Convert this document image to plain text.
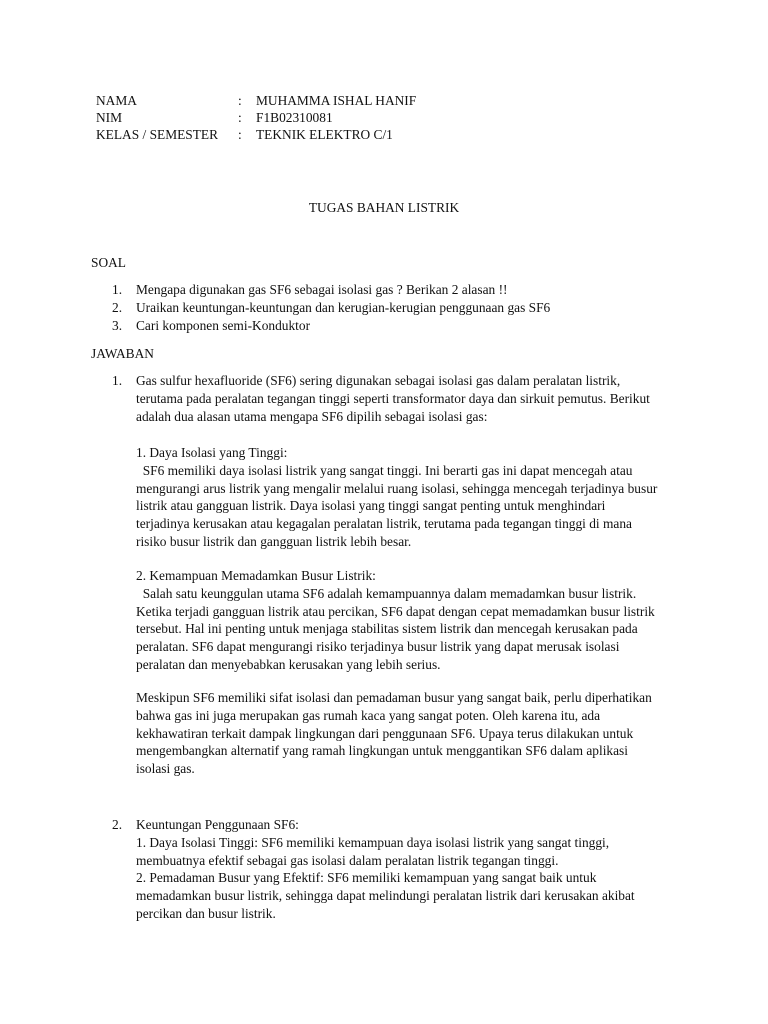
NAMA	: MUHAMMA ISHAL HANIF
NIM	: F1B02310081
KELAS / SEMESTER : TEKNIK ELEKTRO C/1
TUGAS BAHAN LISTRIK
SOAL
1. Mengapa digunakan gas SF6 sebagai isolasi gas ? Berikan 2 alasan !!
2. Uraikan keuntungan-keuntungan dan kerugian-kerugian penggunaan gas SF6
3. Cari komponen semi-Konduktor
JAWABAN
1. Gas sulfur hexafluoride (SF6) sering digunakan sebagai isolasi gas dalam peralatan listrik,
terutama pada peralatan tegangan tinggi seperti transformator daya dan sirkuit pemutus. Berikut
adalah dua alasan utama mengapa SF6 dipilih sebagai isolasi gas:
1. Daya Isolasi yang Tinggi:
SF6 memiliki daya isolasi listrik yang sangat tinggi. Ini berarti gas ini dapat mencegah atau
mengurangi arus listrik yang mengalir melalui ruang isolasi, sehingga mencegah terjadinya busur
listrik atau gangguan listrik. Daya isolasi yang tinggi sangat penting untuk menghindari
terjadinya kerusakan atau kegagalan peralatan listrik, terutama pada tegangan tinggi di mana
risiko busur listrik dan gangguan listrik lebih besar.
2. Kemampuan Memadamkan Busur Listrik:
Salah satu keunggulan utama SF6 adalah kemampuannya dalam memadamkan busur listrik.
Ketika terjadi gangguan listrik atau percikan, SF6 dapat dengan cepat memadamkan busur listrik
tersebut. Hal ini penting untuk menjaga stabilitas sistem listrik dan mencegah kerusakan pada
peralatan. SF6 dapat mengurangi risiko terjadinya busur listrik yang dapat merusak isolasi
peralatan dan menyebabkan kerusakan yang lebih serius.
Meskipun SF6 memiliki sifat isolasi dan pemadaman busur yang sangat baik, perlu diperhatikan
bahwa gas ini juga merupakan gas rumah kaca yang sangat poten. Oleh karena itu, ada
kekhawatiran terkait dampak lingkungan dari penggunaan SF6. Upaya terus dilakukan untuk
mengembangkan alternatif yang ramah lingkungan untuk menggantikan SF6 dalam aplikasi
isolasi gas.
2. Keuntungan Penggunaan SF6:
1. Daya Isolasi Tinggi: SF6 memiliki kemampuan daya isolasi listrik yang sangat tinggi,
membuatnya efektif sebagai gas isolasi dalam peralatan listrik tegangan tinggi.
2. Pemadaman Busur yang Efektif: SF6 memiliki kemampuan yang sangat baik untuk
memadamkan busur listrik, sehingga dapat melindungi peralatan listrik dari kerusakan akibat
percikan dan busur listrik.
